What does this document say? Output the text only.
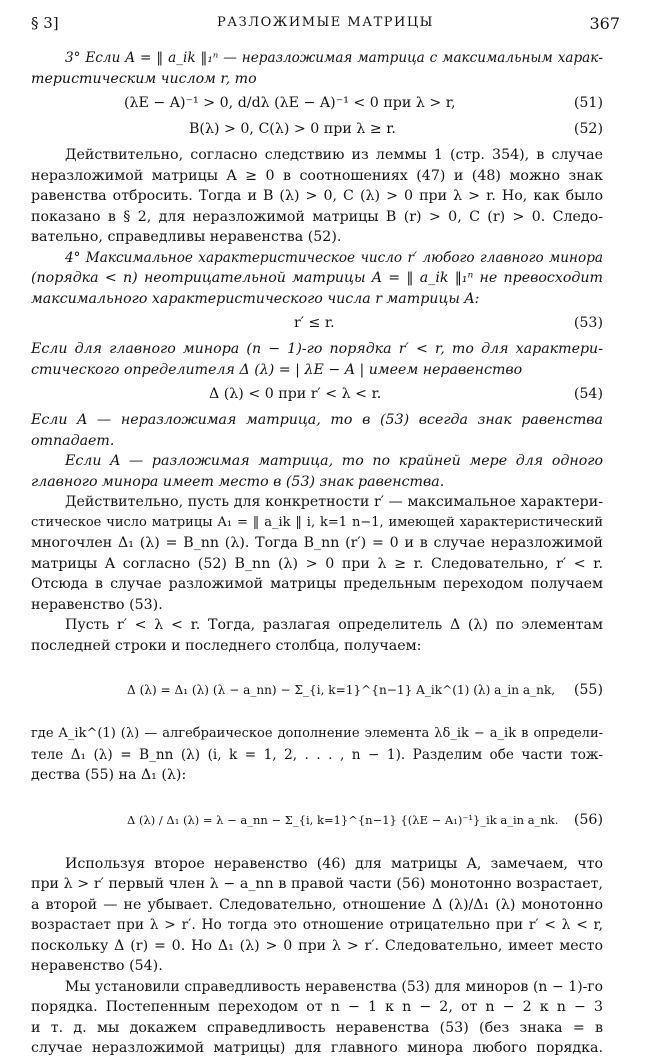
§ 3]	РАЗЛОЖИМЫЕ МАТРИЦЫ	367
3° Если A = ‖ a_ik ‖₁ⁿ — неразложимая матрица с максимальным харак-
теристическим числом r, то
(λE − A)⁻¹ > 0, d/dλ (λE − A)⁻¹ < 0 при λ > r,	(51)
B(λ) > 0, C(λ) > 0 при λ ≥ r.	(52)
Действительно, согласно следствию из леммы 1 (стр. 354), в случае
неразложимой матрицы A ≥ 0 в соотношениях (47) и (48) можно знак
равенства отбросить. Тогда и B (λ) > 0, C (λ) > 0 при λ > r. Но, как было
показано в § 2, для неразложимой матрицы B (r) > 0, C (r) > 0. Следо-
вательно, справедливы неравенства (52).
4° Максимальное характеристическое число r′ любого главного минора
(порядка < n) неотрицательной матрицы A = ‖ a_ik ‖₁ⁿ не превосходит
максимального характеристического числа r матрицы A:
r′ ≤ r.	(53)
Если для главного минора (n − 1)-го порядка r′ < r, то для характери-
стического определителя Δ (λ) = | λE − A | имеем неравенство
Δ (λ) < 0 при r′ < λ < r.	(54)
Если A — неразложимая матрица, то в (53) всегда знак равенства
отпадает.
Если A — разложимая матрица, то по крайней мере для одного
главного минора имеет место в (53) знак равенства.
Действительно, пусть для конкретности r′ — максимальное характери-
стическое число матрицы A₁ = ‖ a_ik ‖ i, k=1 n−1, имеющей характеристический
многочлен Δ₁ (λ) = B_nn (λ). Тогда B_nn (r′) = 0 и в случае неразложимой
матрицы A согласно (52) B_nn (λ) > 0 при λ ≥ r. Следовательно, r′ < r.
Отсюда в случае разложимой матрицы предельным переходом получаем
неравенство (53).
Пусть r′ < λ < r. Тогда, разлагая определитель Δ (λ) по элементам
последней строки и последнего столбца, получаем:
Δ (λ) = Δ₁ (λ) (λ − a_nn) − Σ_{i, k=1}^{n−1} A_ik^(1) (λ) a_in a_nk, (55)
где A_ik^(1) (λ) — алгебраическое дополнение элемента λδ_ik − a_ik в определи-
теле Δ₁ (λ) = B_nn (λ) (i, k = 1, 2, . . . , n − 1). Разделим обе части тож-
дества (55) на Δ₁ (λ):
Δ (λ) / Δ₁ (λ) = λ − a_nn − Σ_{i, k=1}^{n−1} {(λE − A₁)⁻¹}_ik a_in a_nk. (56)
Используя второе неравенство (46) для матрицы A, замечаем, что
при λ > r′ первый член λ − a_nn в правой части (56) монотонно возрастает,
а второй — не убывает. Следовательно, отношение Δ (λ)/Δ₁ (λ) монотонно
возрастает при λ > r′. Но тогда это отношение отрицательно при r′ < λ < r,
поскольку Δ (r) = 0. Но Δ₁ (λ) > 0 при λ > r′. Следовательно, имеет место
неравенство (54).
Мы установили справедливость неравенства (53) для миноров (n − 1)-го
порядка. Постепенным переходом от n − 1 к n − 2, от n − 2 к n − 3
и т. д. мы докажем справедливость неравенства (53) (без знака = в
случае неразложимой матрицы) для главного минора любого порядка.
